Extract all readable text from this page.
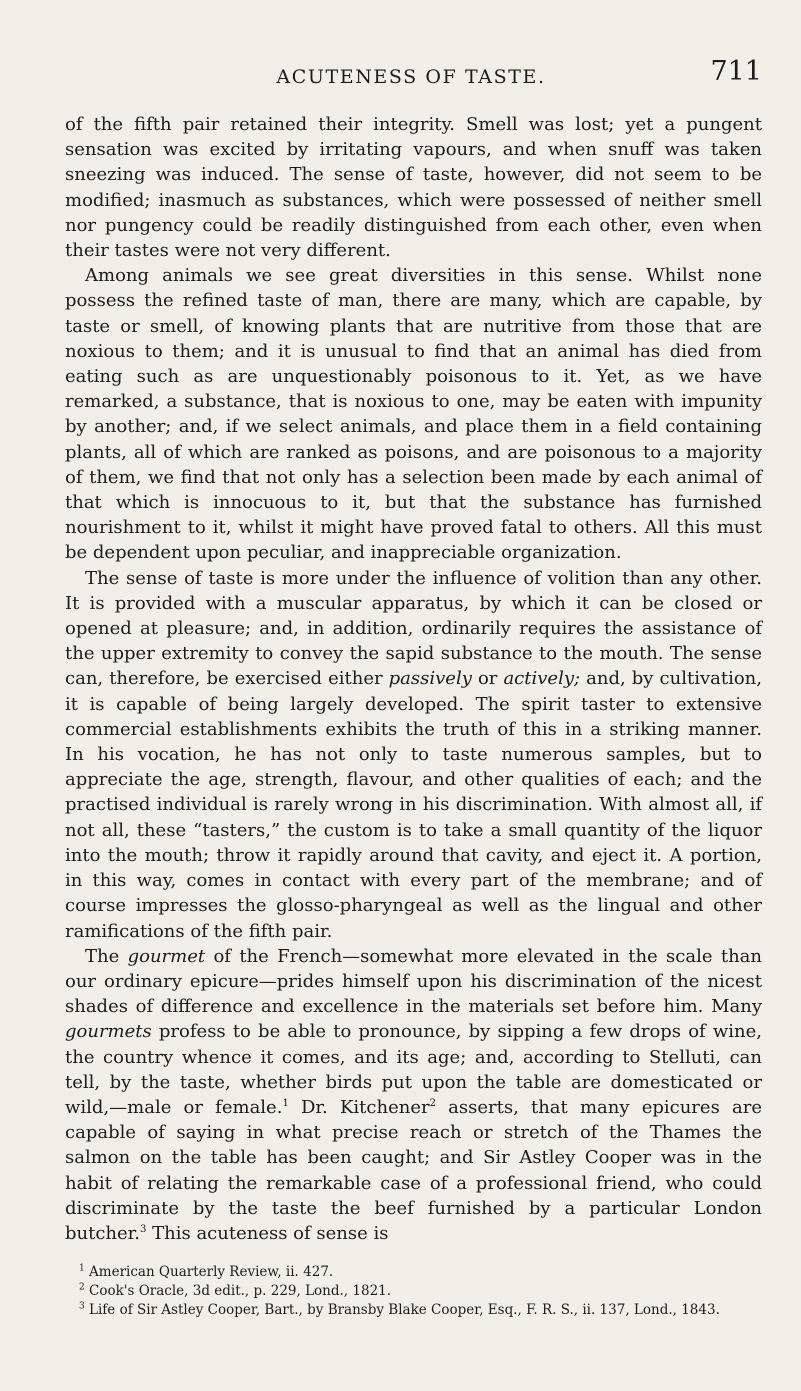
ACUTENESS OF TASTE.	711

of the fifth pair retained their integrity. Smell was lost; yet a pungent sensation was excited by irritating vapours, and when snuff was taken sneezing was induced. The sense of taste, however, did not seem to be modified; inasmuch as substances, which were possessed of neither smell nor pungency could be readily distinguished from each other, even when their tastes were not very different.

Among animals we see great diversities in this sense. Whilst none possess the refined taste of man, there are many, which are capable, by taste or smell, of knowing plants that are nutritive from those that are noxious to them; and it is unusual to find that an animal has died from eating such as are unquestionably poisonous to it. Yet, as we have remarked, a substance, that is noxious to one, may be eaten with impunity by another; and, if we select animals, and place them in a field containing plants, all of which are ranked as poisons, and are poisonous to a majority of them, we find that not only has a selection been made by each animal of that which is innocuous to it, but that the substance has furnished nourishment to it, whilst it might have proved fatal to others. All this must be dependent upon peculiar, and inappreciable organization.

The sense of taste is more under the influence of volition than any other. It is provided with a muscular apparatus, by which it can be closed or opened at pleasure; and, in addition, ordinarily requires the assistance of the upper extremity to convey the sapid substance to the mouth. The sense can, therefore, be exercised either passively or actively; and, by cultivation, it is capable of being largely developed. The spirit taster to extensive commercial establishments exhibits the truth of this in a striking manner. In his vocation, he has not only to taste numerous samples, but to appreciate the age, strength, flavour, and other qualities of each; and the practised individual is rarely wrong in his discrimination. With almost all, if not all, these “tasters,” the custom is to take a small quantity of the liquor into the mouth; throw it rapidly around that cavity, and eject it. A portion, in this way, comes in contact with every part of the membrane; and of course impresses the glosso-pharyngeal as well as the lingual and other ramifications of the fifth pair.

The gourmet of the French—somewhat more elevated in the scale than our ordinary epicure—prides himself upon his discrimination of the nicest shades of difference and excellence in the materials set before him. Many gourmets profess to be able to pronounce, by sipping a few drops of wine, the country whence it comes, and its age; and, according to Stelluti, can tell, by the taste, whether birds put upon the table are domesticated or wild,—male or female.$^1$ Dr. Kitchener$^2$ asserts, that many epicures are capable of saying in what precise reach or stretch of the Thames the salmon on the table has been caught; and Sir Astley Cooper was in the habit of relating the remarkable case of a professional friend, who could discriminate by the taste the beef furnished by a particular London butcher.$^3$ This acuteness of sense is

$^1$ American Quarterly Review, ii. 427.

$^2$ Cook's Oracle, 3d edit., p. 229, Lond., 1821.

$^3$ Life of Sir Astley Cooper, Bart., by Bransby Blake Cooper, Esq., F. R. S., ii. 137, Lond., 1843.
